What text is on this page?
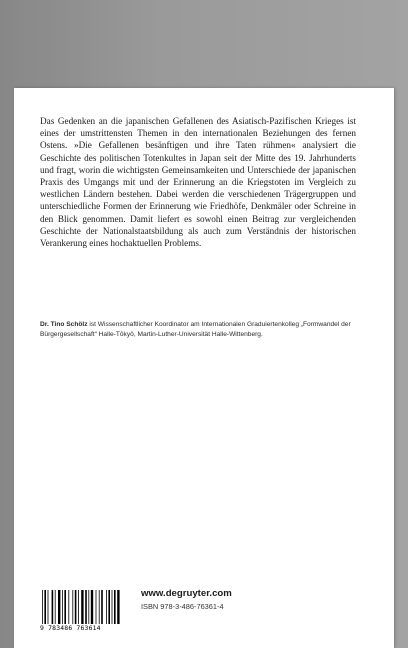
Das Gedenken an die japanischen Gefallenen des Asiatisch-Pazifischen Krieges ist eines der umstrittensten Themen in den internationalen Beziehungen des fernen Ostens. »Die Gefallenen besänftigen und ihre Taten rühmen« analysiert die Geschichte des politischen Totenkultes in Japan seit der Mitte des 19. Jahrhunderts und fragt, worin die wichtigsten Gemeinsamkeiten und Unterschiede der japanischen Praxis des Umgangs mit und der Erinnerung an die Kriegstoten im Vergleich zu westlichen Ländern bestehen. Dabei werden die verschiedenen Trägergruppen und unterschiedliche Formen der Erinnerung wie Friedhöfe, Denkmäler oder Schreine in den Blick genommen. Damit liefert es sowohl einen Beitrag zur vergleichenden Geschichte der Nationalstaatsbildung als auch zum Verständnis der historischen Verankerung eines hochaktuellen Problems.

Dr. Tino Schölz ist Wissenschaftlicher Koordinator am Internationalen Graduiertenkolleg „Formwandel der Bürgergesellschaft“ Halle-Tôkyô, Martin-Luther-Universität Halle-Wittenberg.

9 783486 763614
www.degruyter.com
ISBN 978-3-486-76361-4
